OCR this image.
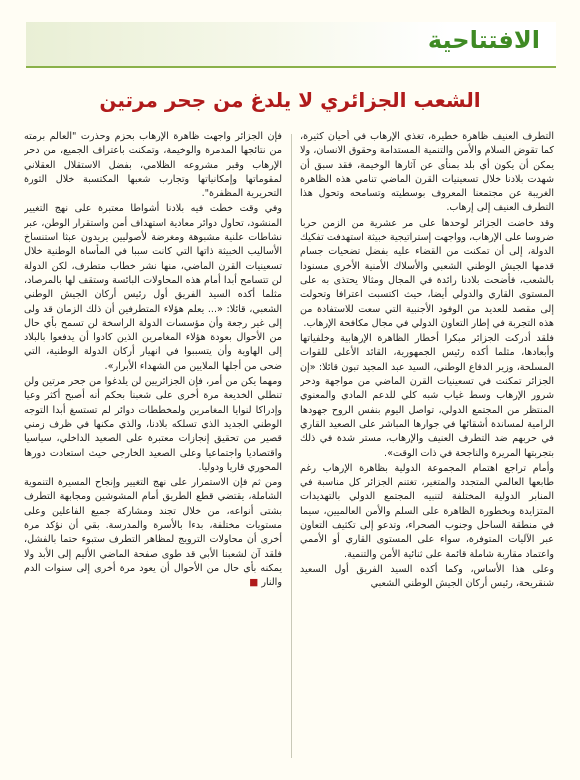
الافتتاحية
الشعب الجزائري لا يلدغ من جحر مرتين

التطرف العنيف ظاهرة خطيرة، تغذي الإرهاب في أحيان كثيرة، كما تقوض السلام والأمن والتنمية المستدامة وحقوق الانسان، ولا يمكن أن يكون أي بلد بمنأى عن آثارها الوخيمة، فقد سبق أن شهدت بلادنا خلال تسعينيات القرن الماضي تنامي هذه الظاهرة الغريبة عن مجتمعنا المعروف بوسطيته وتسامحه وتحول هذا التطرف العنيف إلى إرهاب.

وقد خاضت الجزائر لوحدها على مر عشرية من الزمن حربا ضروسا على الإرهاب، وواجهت إستراتيجية خبيثة استهدفت تفكيك الدولة، إلى أن تمكنت من القضاء عليه بفضل تضحيات جسام قدمها الجيش الوطني الشعبي والأسلاك الأمنية الأخرى مسنودا بالشعب، فأضحت بلادنا رائدة في المجال ومثالا يحتذى به على المستوى القاري والدولي أيضا، حيث اكتسبت اعترافا وتحولت إلى مقصد للعديد من الوفود الأجنبية التي سعت للاستفادة من هذه التجربة في إطار التعاون الدولي في مجال مكافحة الإرهاب.

فلقد أدركت الجزائر مبكرا أخطار الظاهرة الإرهابية وخلفياتها وأبعادها، مثلما أكده رئيس الجمهورية، القائد الأعلى للقوات المسلحة، وزير الدفاع الوطني، السيد عبد المجيد تبون قائلا: «إن الجزائر تمكنت في تسعينيات القرن الماضي من مواجهة ودحر شرور الإرهاب وسط غياب شبه كلي للدعم المادي والمعنوي المنتظر من المجتمع الدولي، تواصل اليوم بنفس الروح جهودها الرامية لمساندة أشقائها في جوارها المباشر على الصعيد القاري في حربهم ضد التطرف العنيف والإرهاب، مستر شدة في ذلك بتجربتها المريرة والناجحة في ذات الوقت».

وأمام تراجع اهتمام المجموعة الدولية بظاهرة الإرهاب رغم طابعها العالمي المتجدد والمتغير، تغتنم الجزائر كل مناسبة في المنابر الدولية المختلفة لتنبيه المجتمع الدولي بالتهديدات المتزايدة وبخطورة الظاهرة على السلم والأمن العالميين، سيما في منطقة الساحل وجنوب الصحراء، وتدعو إلى تكثيف التعاون عبر الآليات المتوفرة، سواء على المستوى القاري أو الأممي واعتماد مقاربة شاملة قائمة على ثنائية الأمن والتنمية.

وعلى هذا الأساس، وكما أكده السيد الفريق أول السعيد شنقريحة، رئيس أركان الجيش الوطني الشعبي

فإن الجزائر واجهت ظاهرة الإرهاب بحزم وحذرت "العالم برمته من نتائجها المدمرة والوخيمة، وتمكنت باعتراف الجميع، من دحر الإرهاب وقبر مشروعه الظلامي، بفضل الاستقلال العقلاني لمقوماتها وإمكانياتها وتجارب شعبها المكتسبة خلال الثورة التحريرية المظفرة".

وفي وقت خطت فيه بلادنا أشواطا معتبرة على نهج التغيير المنشود، تحاول دوائر معادية استهداف أمن واستقرار الوطن، عبر نشاطات علنية مشبوهة ومغرضة لأصوليين يريدون عبثا استنساخ الأساليب الخبيثة ذاتها التي كانت سببا في المأساة الوطنية خلال تسعينيات القرن الماضي، منها نشر خطاب متطرف، لكن الدولة لن تتسامح أبدا أمام هذه المحاولات البائسة وستقف لها بالمرصاد، مثلما أكده السيد الفريق أول رئيس أركان الجيش الوطني الشعبي، قائلا: «... يعلم هؤلاء المتطرفين أن ذلك الزمان قد ولى إلى غير رجعة وأن مؤسسات الدولة الراسخة لن تسمح بأي حال من الأحوال بعودة هؤلاء المغامرين الذين كادوا أن يدفعوا بالبلاد إلى الهاوية وأن يتسببوا في انهيار أركان الدولة الوطنية، التي ضحى من أجلها الملايين من الشهداء الأبرار».

ومهما يكن من أمر، فإن الجزائريين لن يلدغوا من جحر مرتين ولن تنطلي الخديعة مرة أخرى على شعبنا بحكم أنه أصبح أكثر وعيا وإدراكا لنوايا المغامرين ولمخططات دوائر لم تستسغ أبدا التوجه الوطني الجديد الذي تسلكه بلادنا، والذي مكنها في ظرف زمني قصير من تحقيق إنجازات معتبرة على الصعيد الداخلي، سياسيا واقتصاديا واجتماعيا وعلى الصعيد الخارجي حيث استعادت دورها المحوري قاريا ودوليا.

ومن ثم فإن الاستمرار على نهج التغيير وإنجاح المسيرة التنموية الشاملة، يقتضي قطع الطريق أمام المشوشين ومجابهة التطرف بشتى أنواعه، من خلال تجند ومشاركة جميع الفاعلين وعلى مستويات مختلفة، بدءا بالأسرة والمدرسة. بقي أن نؤكد مرة أخرى أن محاولات الترويج لمظاهر التطرف ستبوء حتما بالفشل، فلقد آن لشعبنا الأبي قد طوى صفحة الماضي الأليم إلى الأبد ولا يمكنه بأي حال من الأحوال أن يعود مرة أخرى إلى سنوات الدم والنار ■
